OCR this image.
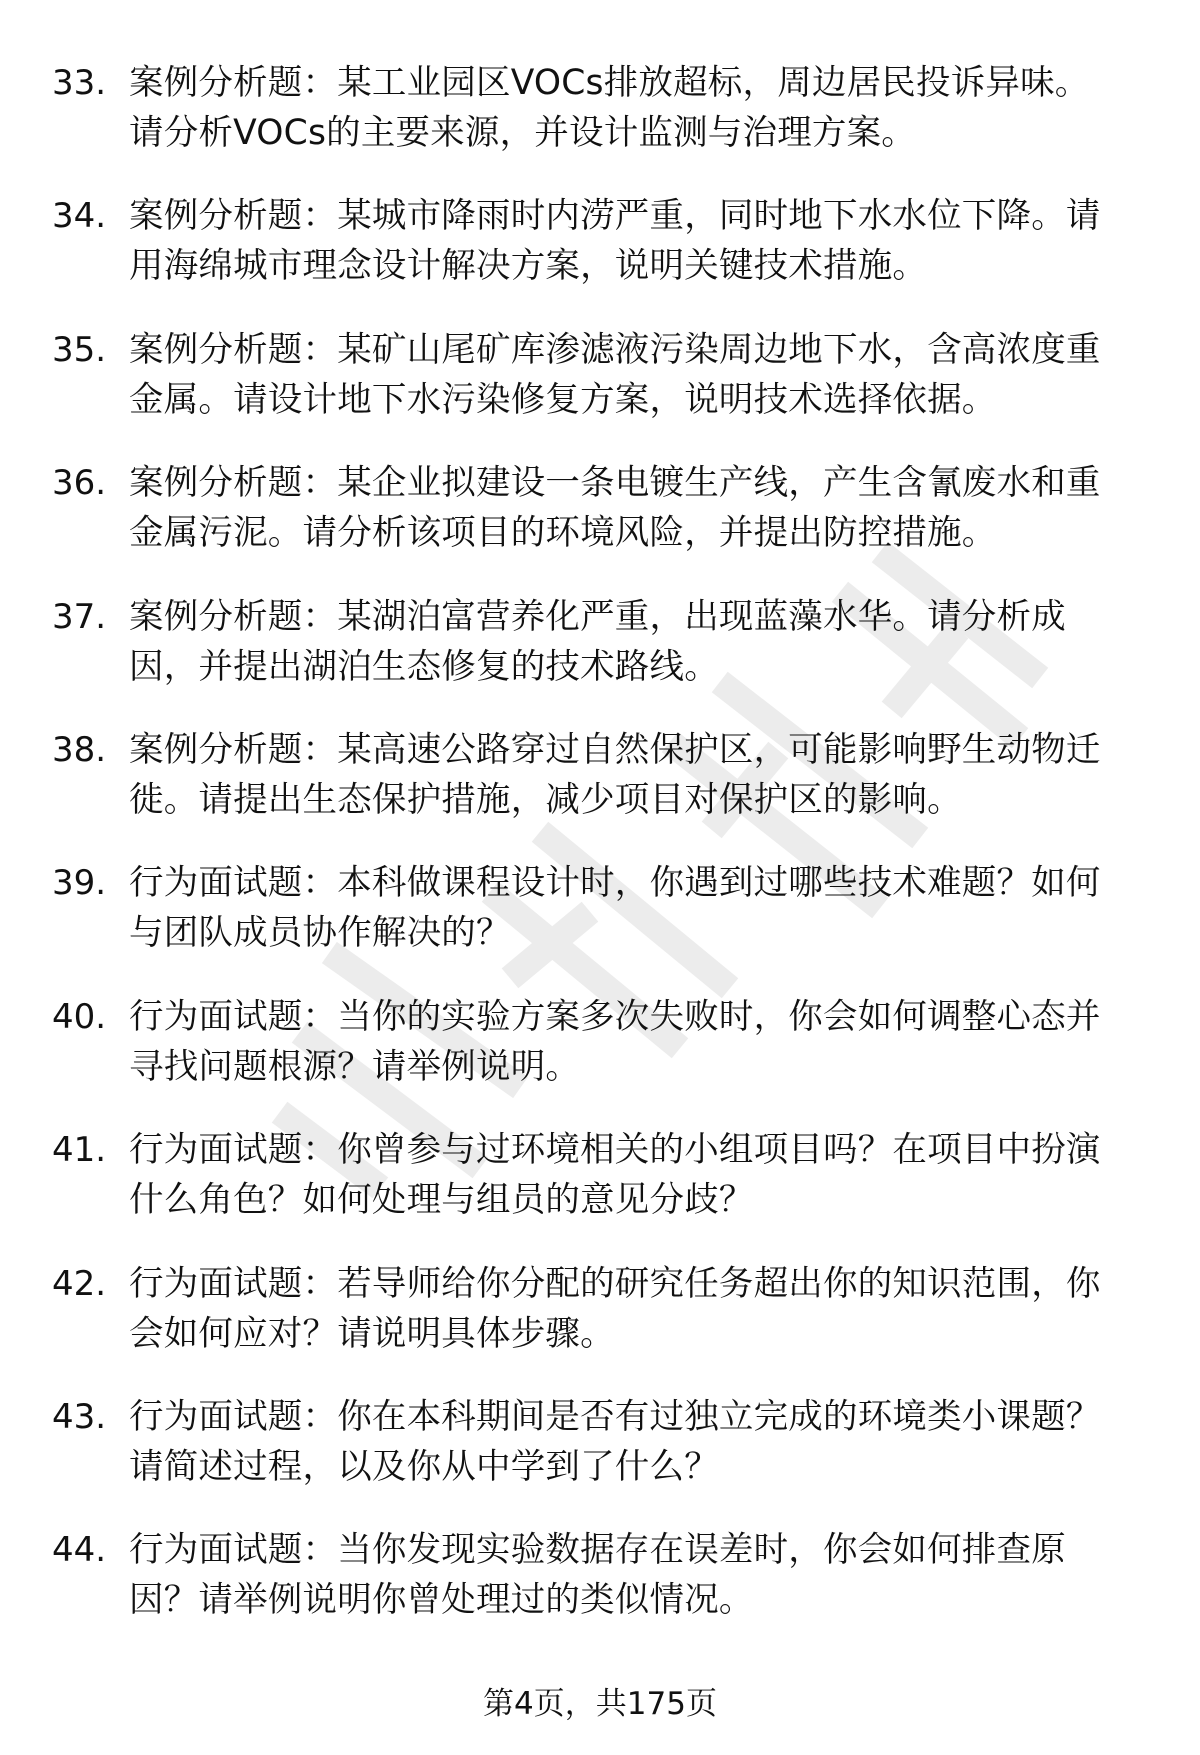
33. 案例分析题：某工业园区VOCs排放超标，周边居民投诉异味。
请分析VOCs的主要来源，并设计监测与治理方案。

34. 案例分析题：某城市降雨时内涝严重，同时地下水水位下降。请
用海绵城市理念设计解决方案，说明关键技术措施。

35. 案例分析题：某矿山尾矿库渗滤液污染周边地下水，含高浓度重
金属。请设计地下水污染修复方案，说明技术选择依据。

36. 案例分析题：某企业拟建设一条电镀生产线，产生含氰废水和重
金属污泥。请分析该项目的环境风险，并提出防控措施。

37. 案例分析题：某湖泊富营养化严重，出现蓝藻水华。请分析成
因，并提出湖泊生态修复的技术路线。

38. 案例分析题：某高速公路穿过自然保护区，可能影响野生动物迁
徙。请提出生态保护措施，减少项目对保护区的影响。

39. 行为面试题：本科做课程设计时，你遇到过哪些技术难题？如何
与团队成员协作解决的？

40. 行为面试题：当你的实验方案多次失败时，你会如何调整心态并
寻找问题根源？请举例说明。

41. 行为面试题：你曾参与过环境相关的小组项目吗？在项目中扮演
什么角色？如何处理与组员的意见分歧？

42. 行为面试题：若导师给你分配的研究任务超出你的知识范围，你
会如何应对？请说明具体步骤。

43. 行为面试题：你在本科期间是否有过独立完成的环境类小课题？
请简述过程，以及你从中学到了什么？

44. 行为面试题：当你发现实验数据存在误差时，你会如何排查原
因？请举例说明你曾处理过的类似情况。

第4页，共175页
